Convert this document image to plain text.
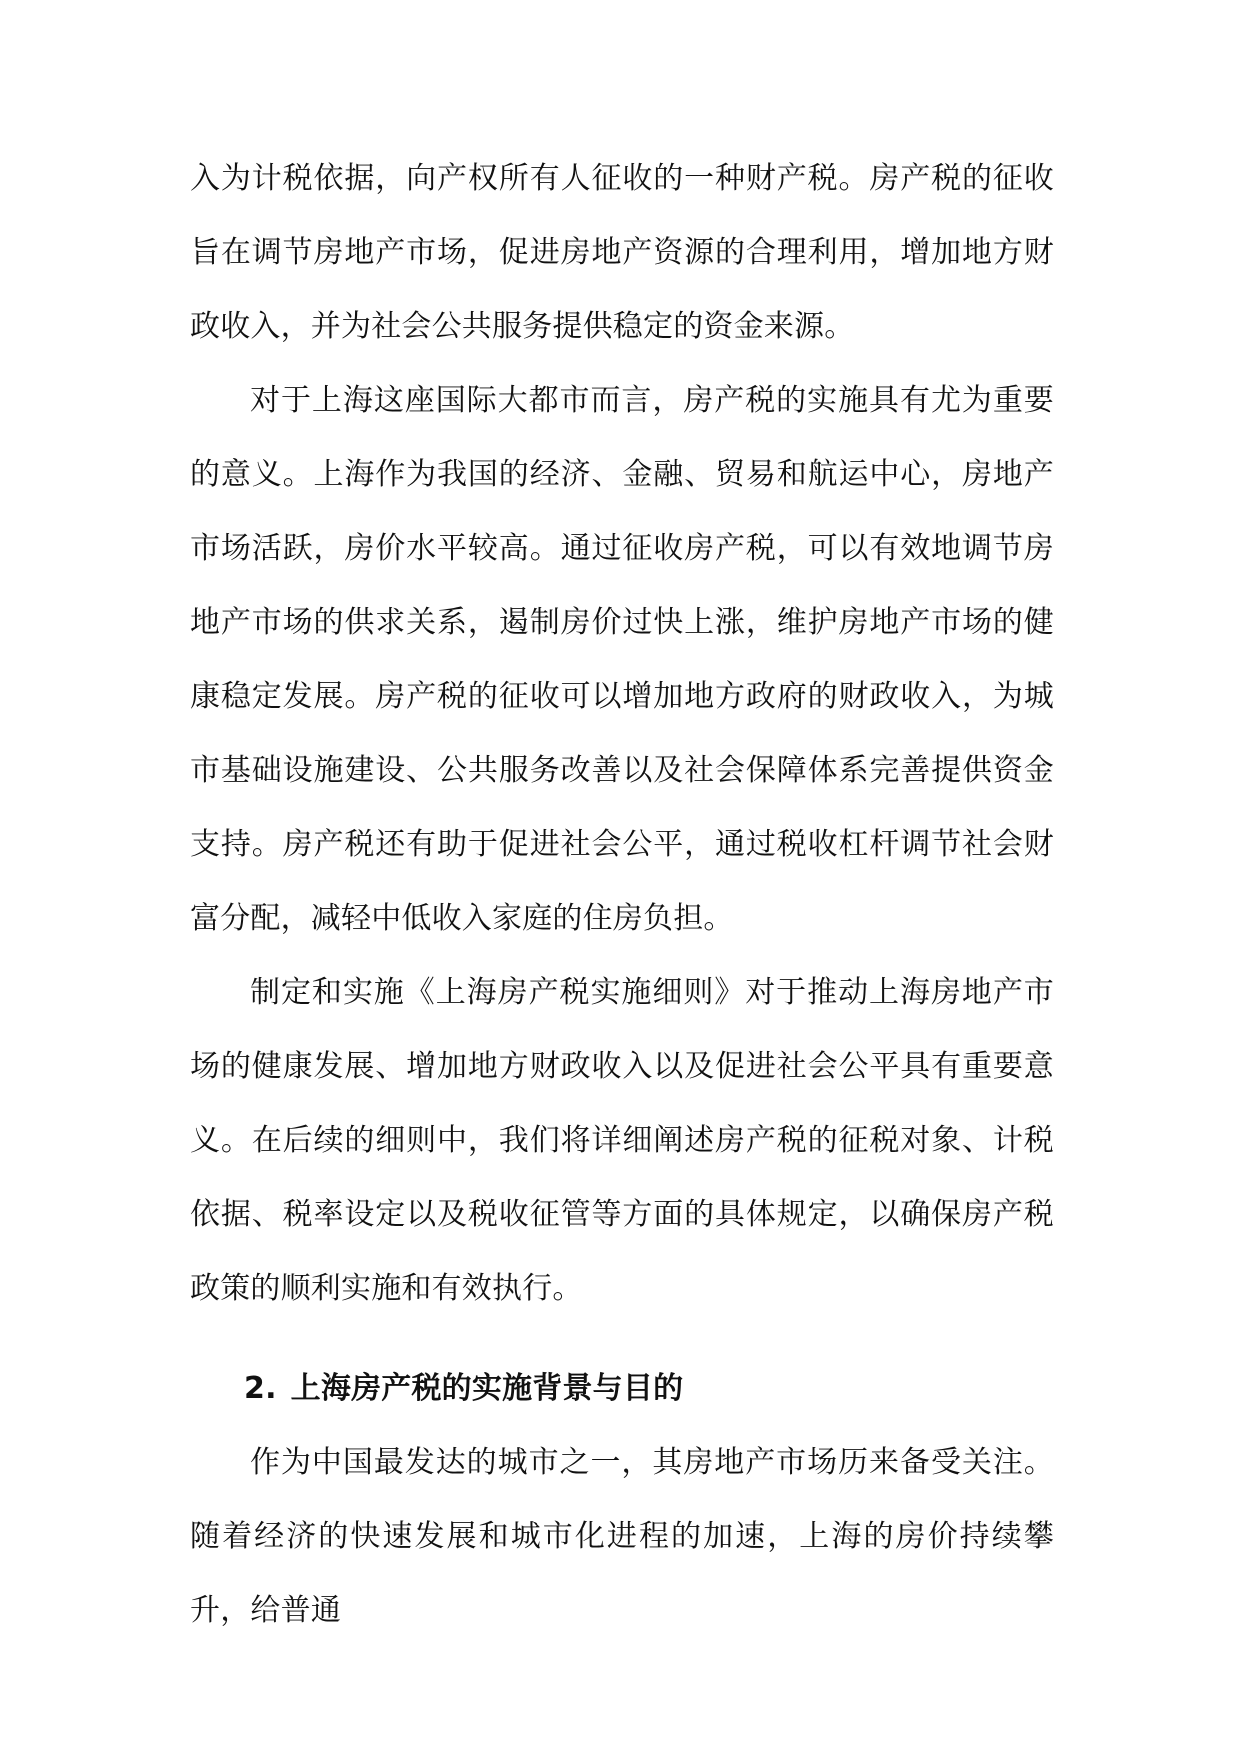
入为计税依据，向产权所有人征收的一种财产税。房产税的征收旨在调节房地产市场，促进房地产资源的合理利用，增加地方财政收入，并为社会公共服务提供稳定的资金来源。

对于上海这座国际大都市而言，房产税的实施具有尤为重要的意义。上海作为我国的经济、金融、贸易和航运中心，房地产市场活跃，房价水平较高。通过征收房产税，可以有效地调节房地产市场的供求关系，遏制房价过快上涨，维护房地产市场的健康稳定发展。房产税的征收可以增加地方政府的财政收入，为城市基础设施建设、公共服务改善以及社会保障体系完善提供资金支持。房产税还有助于促进社会公平，通过税收杠杆调节社会财富分配，减轻中低收入家庭的住房负担。

制定和实施《上海房产税实施细则》对于推动上海房地产市场的健康发展、增加地方财政收入以及促进社会公平具有重要意义。在后续的细则中，我们将详细阐述房产税的征税对象、计税依据、税率设定以及税收征管等方面的具体规定，以确保房产税政策的顺利实施和有效执行。

2. 上海房产税的实施背景与目的

作为中国最发达的城市之一，其房地产市场历来备受关注。随着经济的快速发展和城市化进程的加速，上海的房价持续攀升，给普通
